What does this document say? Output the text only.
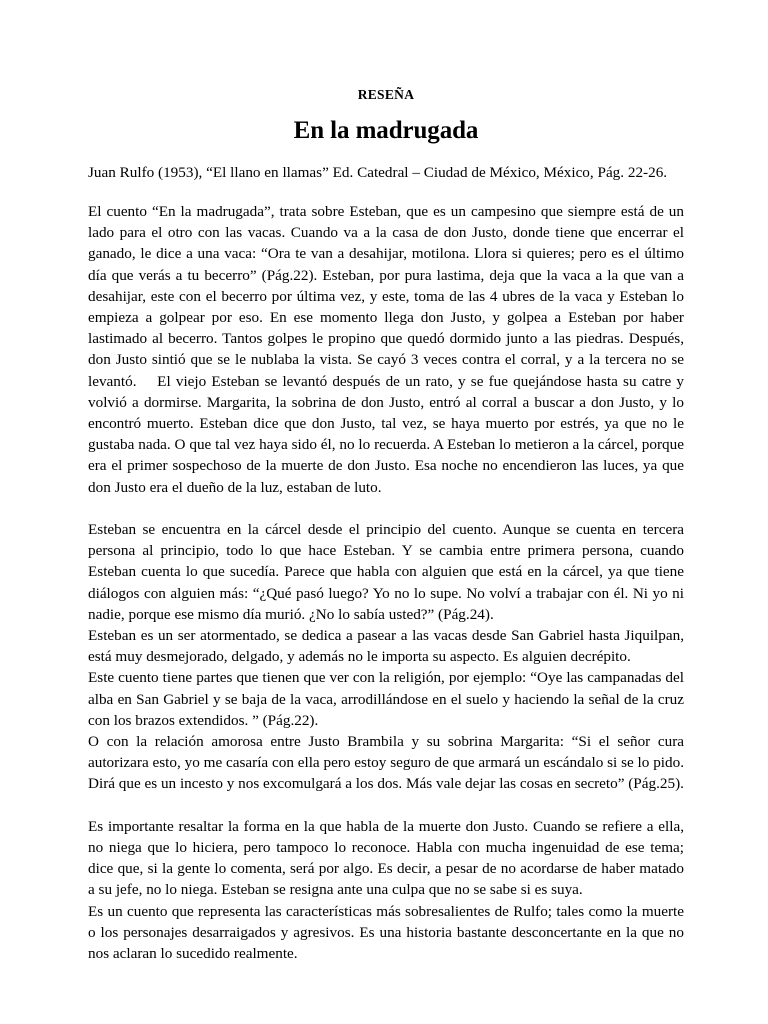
RESEÑA
En la madrugada
Juan Rulfo (1953), “El llano en llamas” Ed. Catedral – Ciudad de México, México, Pág. 22-26.

El cuento “En la madrugada”, trata sobre Esteban, que es un campesino que siempre está de un lado para el otro con las vacas. Cuando va a la casa de don Justo, donde tiene que encerrar el ganado, le dice a una vaca: “Ora te van a desahijar, motilona. Llora si quieres; pero es el último día que verás a tu becerro” (Pág.22). Esteban, por pura lastima, deja que la vaca a la que van a desahijar, este con el becerro por última vez, y este, toma de las 4 ubres de la vaca y Esteban lo empieza a golpear por eso. En ese momento llega don Justo, y golpea a Esteban por haber lastimado al becerro. Tantos golpes le propino que quedó dormido junto a las piedras. Después, don Justo sintió que se le nublaba la vista. Se cayó 3 veces contra el corral, y a la tercera no se levantó.    El viejo Esteban se levantó después de un rato, y se fue quejándose hasta su catre y volvió a dormirse. Margarita, la sobrina de don Justo, entró al corral a buscar a don Justo, y lo encontró muerto. Esteban dice que don Justo, tal vez, se haya muerto por estrés, ya que no le gustaba nada. O que tal vez haya sido él, no lo recuerda. A Esteban lo metieron a la cárcel, porque era el primer sospechoso de la muerte de don Justo. Esa noche no encendieron las luces, ya que don Justo era el dueño de la luz, estaban de luto.

Esteban se encuentra en la cárcel desde el principio del cuento. Aunque se cuenta en tercera persona al principio, todo lo que hace Esteban. Y se cambia entre primera persona, cuando Esteban cuenta lo que sucedía. Parece que habla con alguien que está en la cárcel, ya que tiene diálogos con alguien más: “¿Qué pasó luego? Yo no lo supe. No volví a trabajar con él. Ni yo ni nadie, porque ese mismo día murió. ¿No lo sabía usted?” (Pág.24).

Esteban es un ser atormentado, se dedica a pasear a las vacas desde San Gabriel hasta Jiquilpan, está muy desmejorado, delgado, y además no le importa su aspecto. Es alguien decrépito.

Este cuento tiene partes que tienen que ver con la religión, por ejemplo: “Oye las campanadas del alba en San Gabriel y se baja de la vaca, arrodillándose en el suelo y haciendo la señal de la cruz con los brazos extendidos. ” (Pág.22).

O con la relación amorosa entre Justo Brambila y su sobrina Margarita: “Si el señor cura autorizara esto, yo me casaría con ella pero estoy seguro de que armará un escándalo si se lo pido. Dirá que es un incesto y nos excomulgará a los dos. Más vale dejar las cosas en secreto” (Pág.25).

Es importante resaltar la forma en la que habla de la muerte don Justo. Cuando se refiere a ella, no niega que lo hiciera, pero tampoco lo reconoce. Habla con mucha ingenuidad de ese tema; dice que, si la gente lo comenta, será por algo. Es decir, a pesar de no acordarse de haber matado a su jefe, no lo niega. Esteban se resigna ante una culpa que no se sabe si es suya.

Es un cuento que representa las características más sobresalientes de Rulfo; tales como la muerte o los personajes desarraigados y agresivos. Es una historia bastante desconcertante en la que no nos aclaran lo sucedido realmente.
